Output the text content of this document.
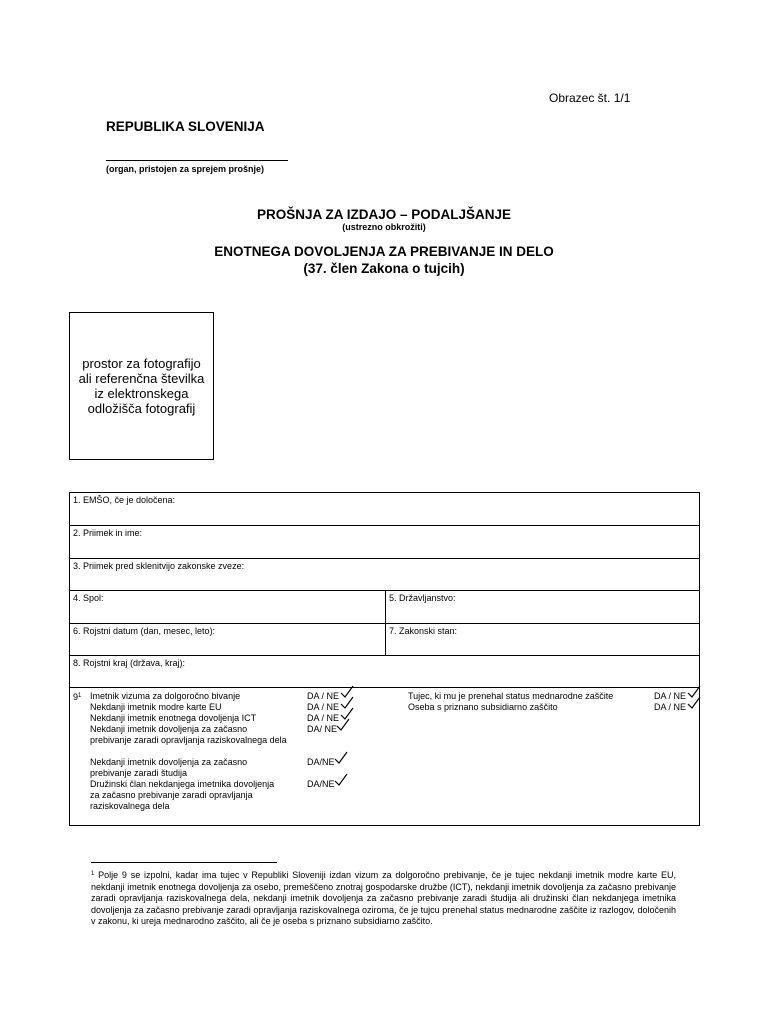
Obrazec št. 1/1
REPUBLIKA SLOVENIJA
(organ, pristojen za sprejem prošnje)
PROŠNJA ZA IZDAJO – PODALJŠANJE
(ustrezno obkrožiti)
ENOTNEGA DOVOLJENJA ZA PREBIVANJE IN DELO
(37. člen Zakona o tujcih)
prostor za fotografijo
ali referenčna številka
iz elektronskega
odložišča fotografij
1. EMŠO, če je določena:
2. Priimek in ime:
3. Priimek pred sklenitvijo zakonske zveze:
4. Spol:	5. Državljanstvo:
6. Rojstni datum (dan, mesec, leto):	7. Zakonski stan:
8. Rojstni kraj (država, kraj):
$9^1$ Imetnik vizuma za dolgoročno bivanje
Nekdanji imetnik modre karte EU
Nekdanji imetnik enotnega dovoljenja ICT
Nekdanji imetnik dovoljenja za začasno prebivanje zaradi opravljanja raziskovalnega dela
Nekdanji imetnik dovoljenja za začasno prebivanje zaradi študija
Družinski član nekdanjega imetnika dovoljenja za začasno prebivanje zaradi opravljanja raziskovalnega dela
DA / NE
DA / NE
DA / NE
DA/ NE
DA/NE
DA/NE
Tujec, ki mu je prenehal status mednarodne zaščite
Oseba s priznano subsidiarno zaščito
DA / NE
DA / NE
$^1$ Polje 9 se izpolni, kadar ima tujec v Republiki Sloveniji izdan vizum za dolgoročno prebivanje, če je tujec nekdanji imetnik modre karte EU, nekdanji imetnik enotnega dovoljenja za osebo, premeščeno znotraj gospodarske družbe (ICT), nekdanji imetnik dovoljenja za začasno prebivanje zaradi opravljanja raziskovalnega dela, nekdanji imetnik dovoljenja za začasno prebivanje zaradi študija ali družinski član nekdanjega imetnika dovoljenja za začasno prebivanje zaradi opravljanja raziskovalnega oziroma, če je tujcu prenehal status mednarodne zaščite iz razlogov, določenih v zakonu, ki ureja mednarodno zaščito, ali če je oseba s priznano subsidiarno zaščito.
